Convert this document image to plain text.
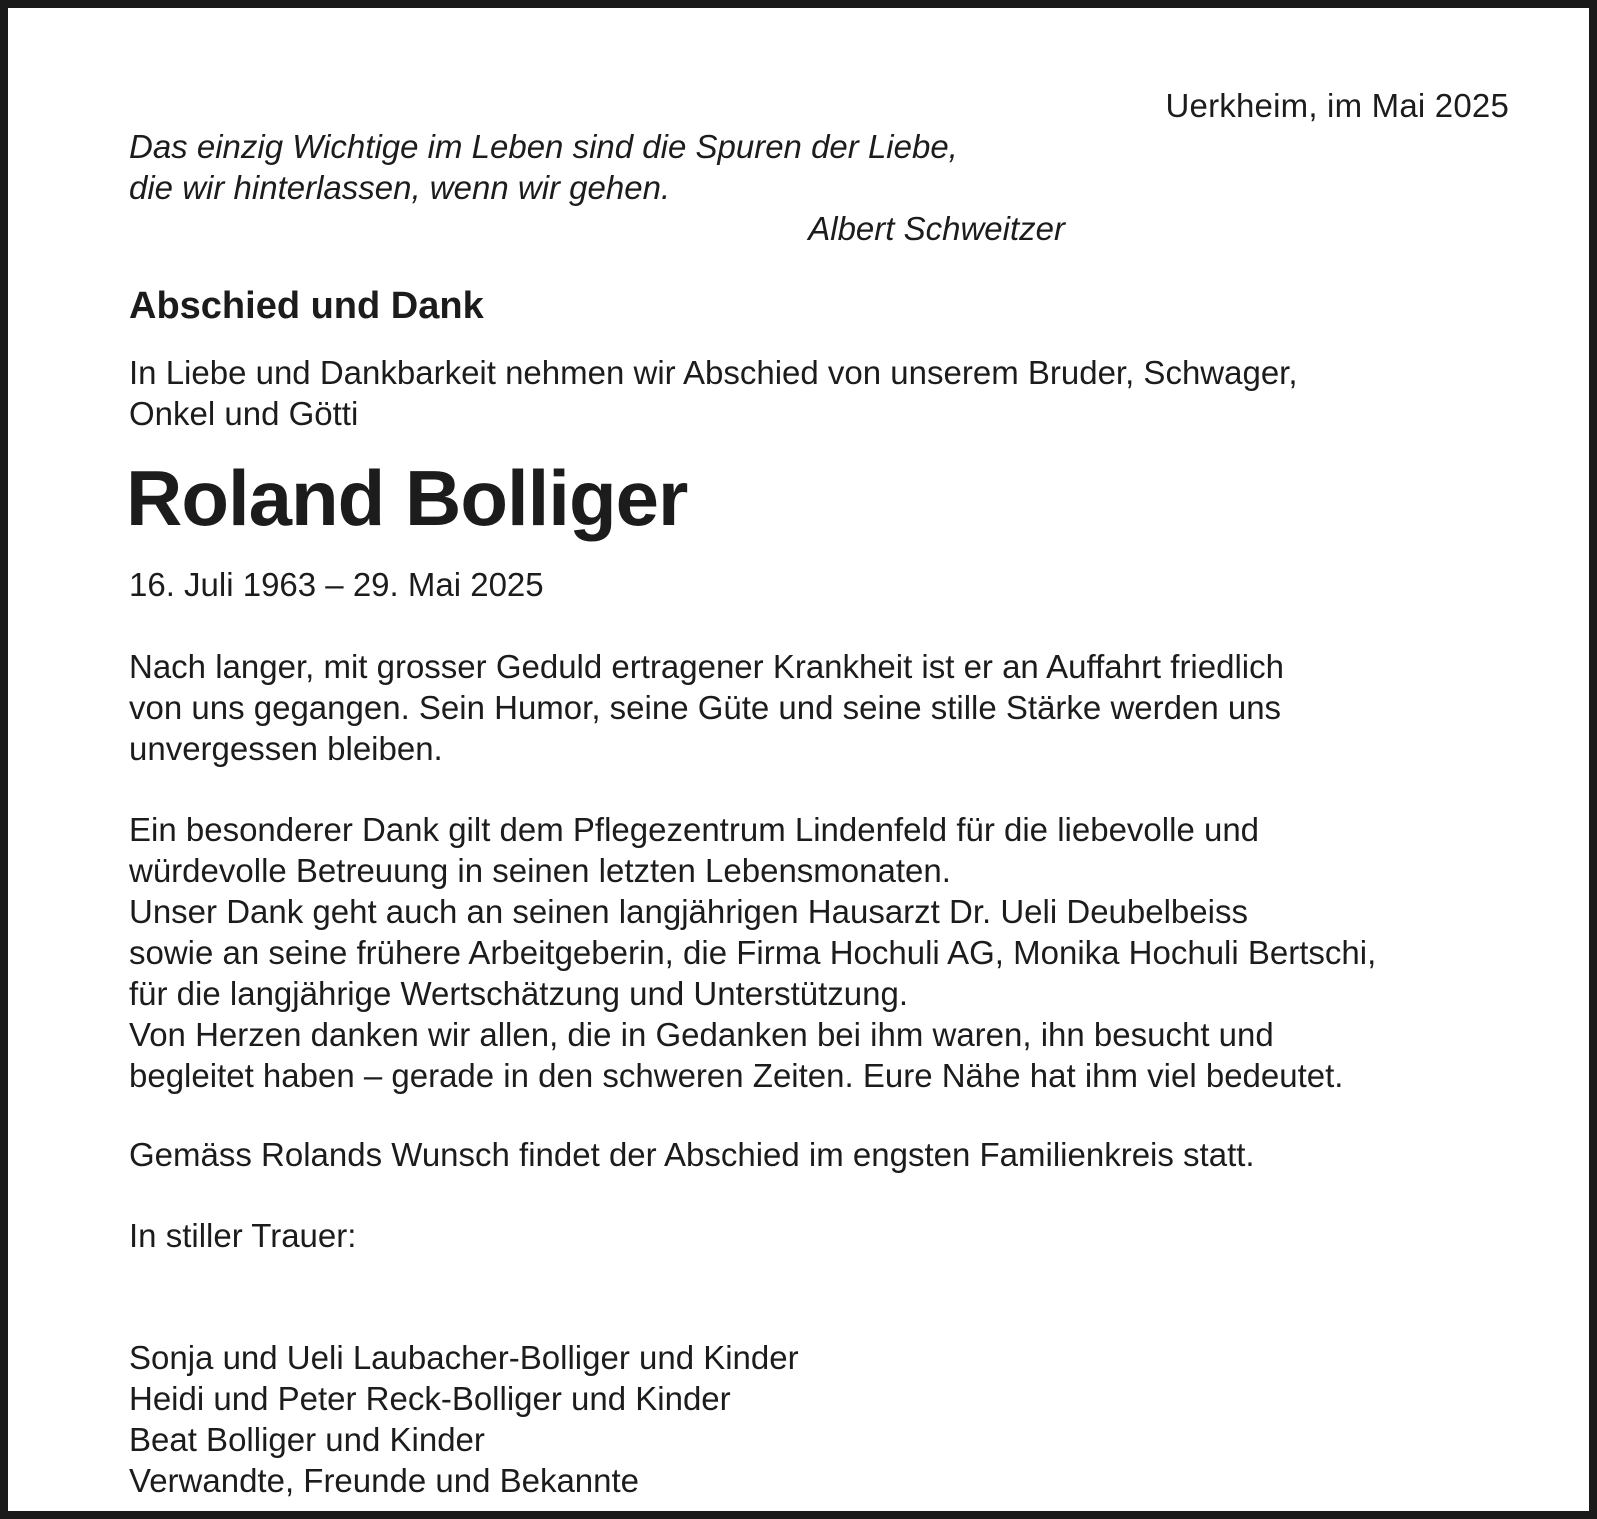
Uerkheim, im Mai 2025
Das einzig Wichtige im Leben sind die Spuren der Liebe,
die wir hinterlassen, wenn wir gehen.
Albert Schweitzer
Abschied und Dank
In Liebe und Dankbarkeit nehmen wir Abschied von unserem Bruder, Schwager,
Onkel und Götti
Roland Bolliger
16. Juli 1963 – 29. Mai 2025
Nach langer, mit grosser Geduld ertragener Krankheit ist er an Auffahrt friedlich
von uns gegangen. Sein Humor, seine Güte und seine stille Stärke werden uns
unvergessen bleiben.
Ein besonderer Dank gilt dem Pflegezentrum Lindenfeld für die liebevolle und
würdevolle Betreuung in seinen letzten Lebensmonaten.
Unser Dank geht auch an seinen langjährigen Hausarzt Dr. Ueli Deubelbeiss
sowie an seine frühere Arbeitgeberin, die Firma Hochuli AG, Monika Hochuli Bertschi,
für die langjährige Wertschätzung und Unterstützung.
Von Herzen danken wir allen, die in Gedanken bei ihm waren, ihn besucht und
begleitet haben – gerade in den schweren Zeiten. Eure Nähe hat ihm viel bedeutet.
Gemäss Rolands Wunsch findet der Abschied im engsten Familienkreis statt.
In stiller Trauer:
Sonja und Ueli Laubacher-Bolliger und Kinder
Heidi und Peter Reck-Bolliger und Kinder
Beat Bolliger und Kinder
Verwandte, Freunde und Bekannte
